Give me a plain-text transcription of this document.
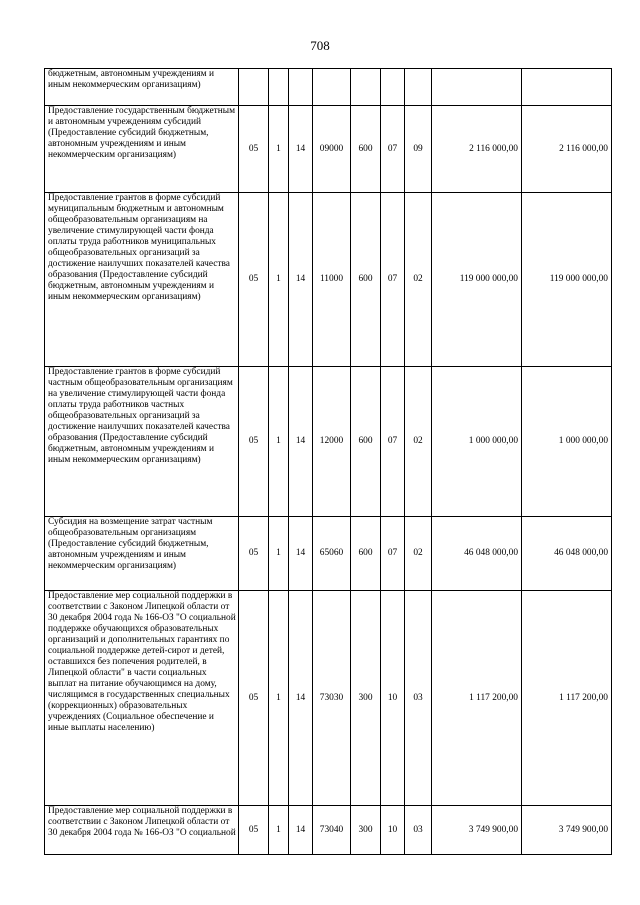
708
бюджетным, автономным учреждениям и иным некоммерческим организациям)									
Предоставление государственным бюджетным и автономным учреждениям субсидий (Предоставление субсидий бюджетным, автономным учреждениям и иным некоммерческим организациям)	05	1	14	09000	600	07	09	2 116 000,00	2 116 000,00
Предоставление грантов в форме субсидий муниципальным бюджетным и автономным общеобразовательным организациям на увеличение стимулирующей части фонда оплаты труда работников муниципальных общеобразовательных организаций за достижение наилучших показателей качества образования (Предоставление субсидий бюджетным, автономным учреждениям и иным некоммерческим организациям)	05	1	14	11000	600	07	02	119 000 000,00	119 000 000,00
Предоставление грантов в форме субсидий частным общеобразовательным организациям на увеличение стимулирующей части фонда оплаты труда работников частных общеобразовательных организаций за достижение наилучших показателей качества образования (Предоставление субсидий бюджетным, автономным учреждениям и иным некоммерческим организациям)	05	1	14	12000	600	07	02	1 000 000,00	1 000 000,00
Субсидия на возмещение затрат частным общеобразовательным организациям (Предоставление субсидий бюджетным, автономным учреждениям и иным некоммерческим организациям)	05	1	14	65060	600	07	02	46 048 000,00	46 048 000,00
Предоставление мер социальной поддержки в соответствии с Законом Липецкой области от 30 декабря 2004 года № 166-ОЗ "О социальной поддержке обучающихся образовательных организаций и дополнительных гарантиях по социальной поддержке детей-сирот и детей, оставшихся без попечения родителей, в Липецкой области" в части социальных выплат на питание обучающимся на дому, числящимся в государственных специальных (коррекционных) образовательных учреждениях (Социальное обеспечение и иные выплаты населению)	05	1	14	73030	300	10	03	1 117 200,00	1 117 200,00
Предоставление мер социальной поддержки в соответствии с Законом Липецкой области от 30 декабря 2004 года № 166-ОЗ "О социальной	05	1	14	73040	300	10	03	3 749 900,00	3 749 900,00
